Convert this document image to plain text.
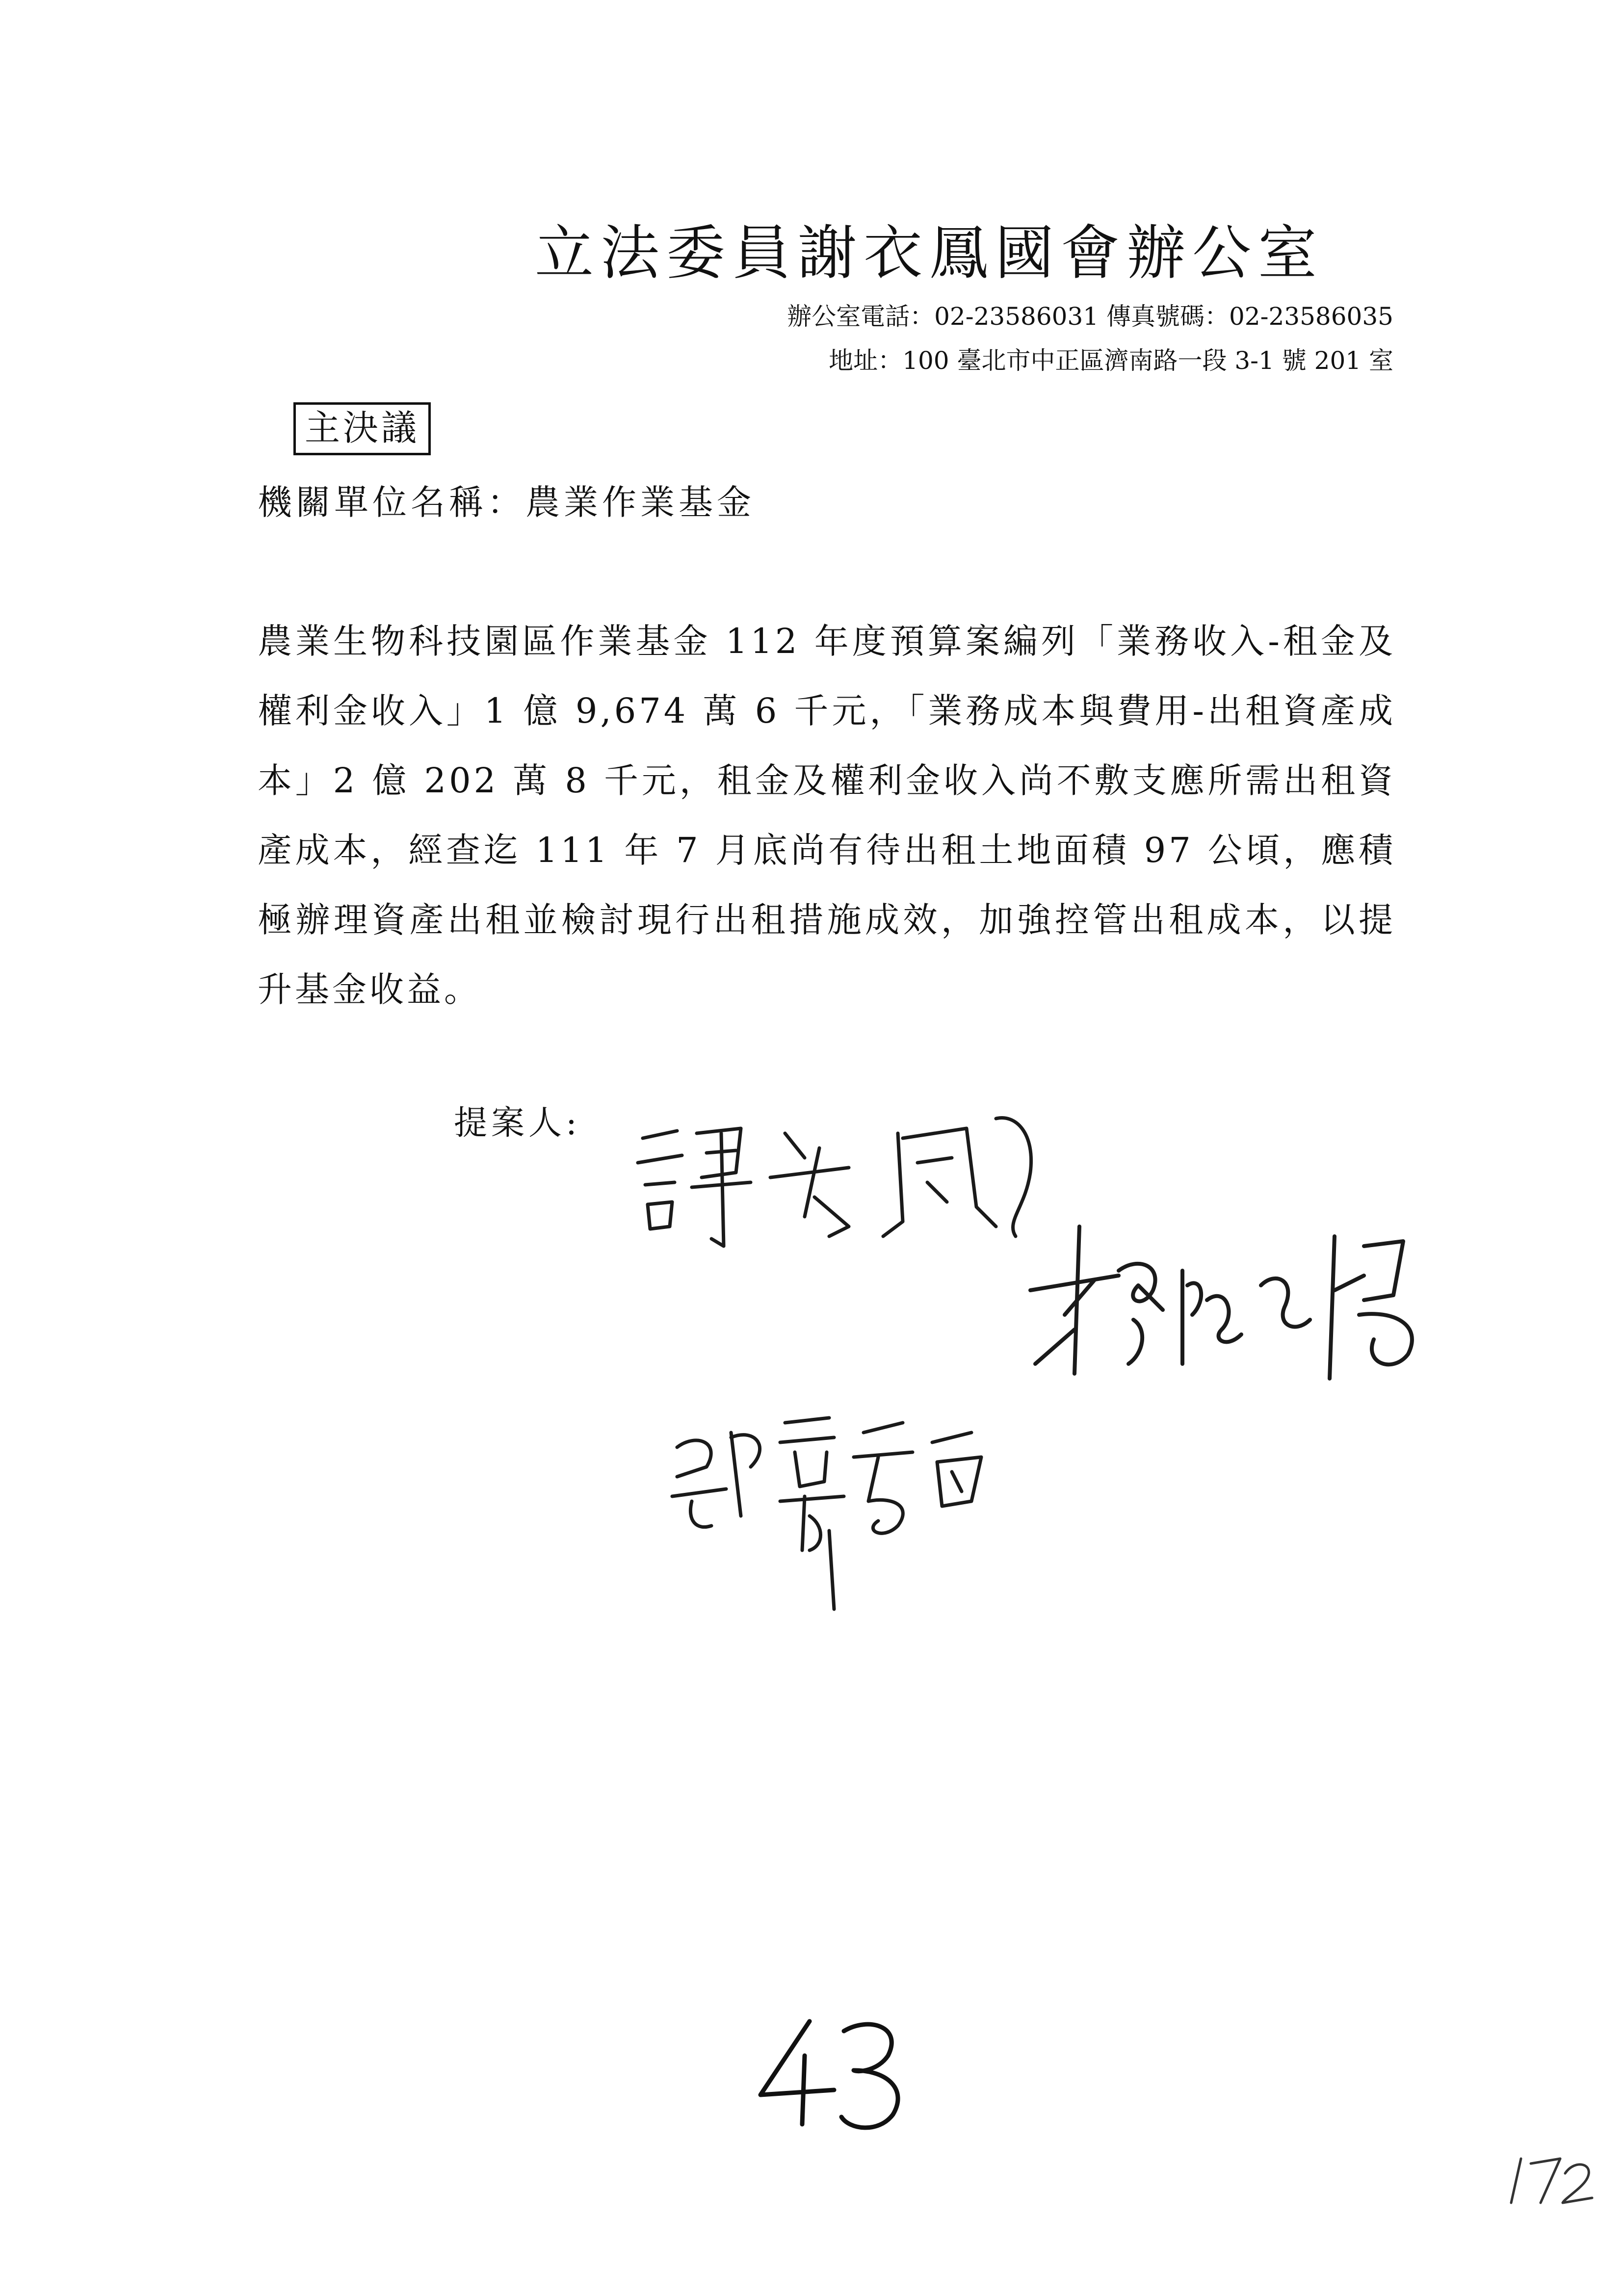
立法委員謝衣鳳國會辦公室
辦公室電話：02-23586031 傳真號碼：02-23586035
地址：100 臺北市中正區濟南路一段 3-1 號 201 室
主決議
機關單位名稱：農業作業基金
農業生物科技園區作業基金 112 年度預算案編列「業務收入-租金及權利金收入」1 億 9,674 萬 6 千元，「業務成本與費用-出租資產成本」2 億 202 萬 8 千元，租金及權利金收入尚不敷支應所需出租資產成本，經查迄 111 年 7 月底尚有待出租土地面積 97 公頃，應積極辦理資產出租並檢討現行出租措施成效，加強控管出租成本，以提升基金收益。
提案人:
